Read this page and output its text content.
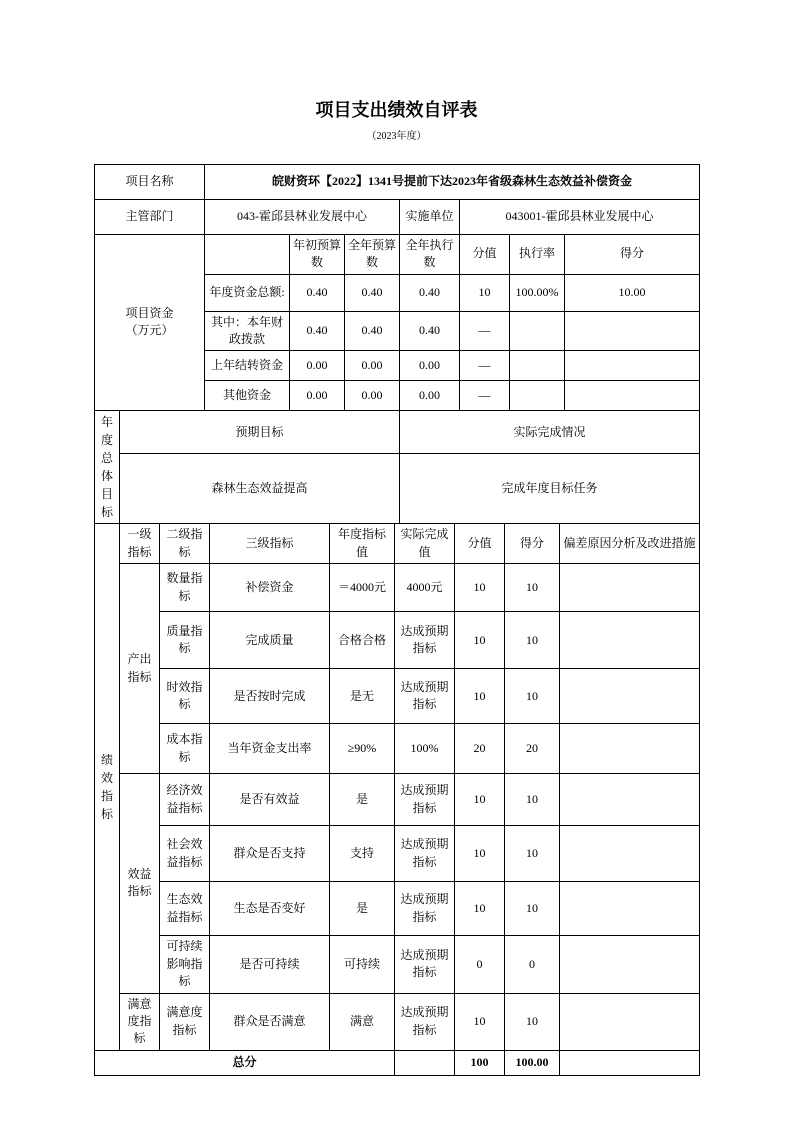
项目支出绩效自评表
（2023年度）
项目名称	皖财资环【2022】1341号提前下达2023年省级森林生态效益补偿资金		
主管部门	043-霍邱县林业发展中心	实施单位	043001-霍邱县林业发展中心
项目资金
（万元）		年初预算数	全年预算数	全年执行数	分值	执行率	得分
	年度资金总额:	0.40	0.40	0.40	10	100.00%	10.00
	其中：本年财政拨款	0.40	0.40	0.40	—		
	上年结转资金	0.00	0.00	0.00	—		
	其他资金	0.00	0.00	0.00	—		
年度总体目标	预期目标	实际完成情况
	森林生态效益提高	完成年度目标任务
绩效指标	一级指标	二级指标	三级指标	年度指标值	实际完成值	分值	得分	偏差原因分析及改进措施
	产出指标	数量指标	补偿资金	＝4000元	4000元	10	10	
		质量指标	完成质量	合格合格	达成预期指标	10	10	
		时效指标	是否按时完成	是无	达成预期指标	10	10	
		成本指标	当年资金支出率	≥90%	100%	20	20	
	效益指标	经济效益指标	是否有效益	是	达成预期指标	10	10	
		社会效益指标	群众是否支持	支持	达成预期指标	10	10	
		生态效益指标	生态是否变好	是	达成预期指标	10	10	
		可持续影响指标	是否可持续	可持续	达成预期指标	0	0	
	满意度指标	满意度指标	群众是否满意	满意	达成预期指标	10	10	
总分						100	100.00	
